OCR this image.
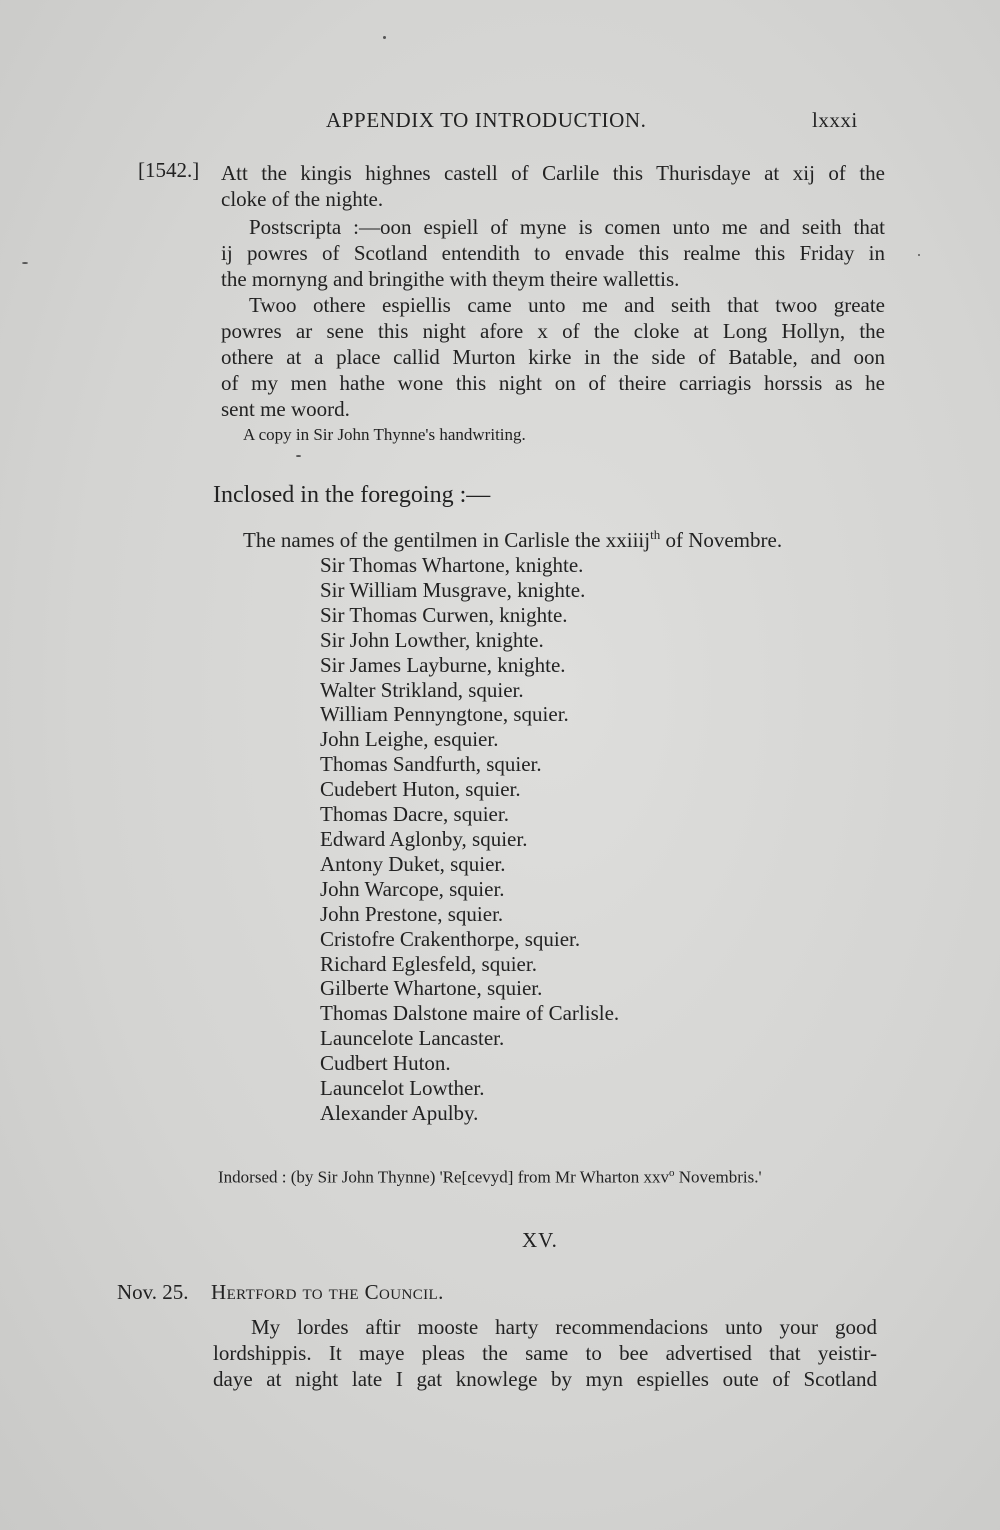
APPENDIX TO INTRODUCTION.	lxxxi
[1542.] Att the kingis highnes castell of Carlile this Thurisdaye at xij of the
cloke of the nighte.
Postscripta :—oon espiell of myne is comen unto me and seith that
ij powres of Scotland entendith to envade this realme this Friday in
the mornyng and bringithe with theym theire wallettis.
Twoo othere espiellis came unto me and seith that twoo greate
powres ar sene this night afore x of the cloke at Long Hollyn, the
othere at a place callid Murton kirke in the side of Batable, and oon
of my men hathe wone this night on of theire carriagis horssis as he
sent me woord.
A copy in Sir John Thynne's handwriting.
Inclosed in the foregoing :—
The names of the gentilmen in Carlisle the xxiiij$^{th}$ of Novembre.
Sir Thomas Whartone, knighte.
Sir William Musgrave, knighte.
Sir Thomas Curwen, knighte.
Sir John Lowther, knighte.
Sir James Layburne, knighte.
Walter Strikland, squier.
William Pennyngtone, squier.
John Leighe, esquier.
Thomas Sandfurth, squier.
Cudebert Huton, squier.
Thomas Dacre, squier.
Edward Aglonby, squier.
Antony Duket, squier.
John Warcope, squier.
John Prestone, squier.
Cristofre Crakenthorpe, squier.
Richard Eglesfeld, squier.
Gilberte Whartone, squier.
Thomas Dalstone maire of Carlisle.
Launcelote Lancaster.
Cudbert Huton.
Launcelot Lowther.
Alexander Apulby.
Indorsed : (by Sir John Thynne) 'Re[cevyd] from Mr Wharton xxv$^o$ Novembris.'
XV.
Nov. 25. Hertford to the Council.
My lordes aftir mooste harty recommendacions unto your good
lordshippis. It maye pleas the same to bee advertised that yeistir-
daye at night late I gat knowlege by myn espielles oute of Scotland
